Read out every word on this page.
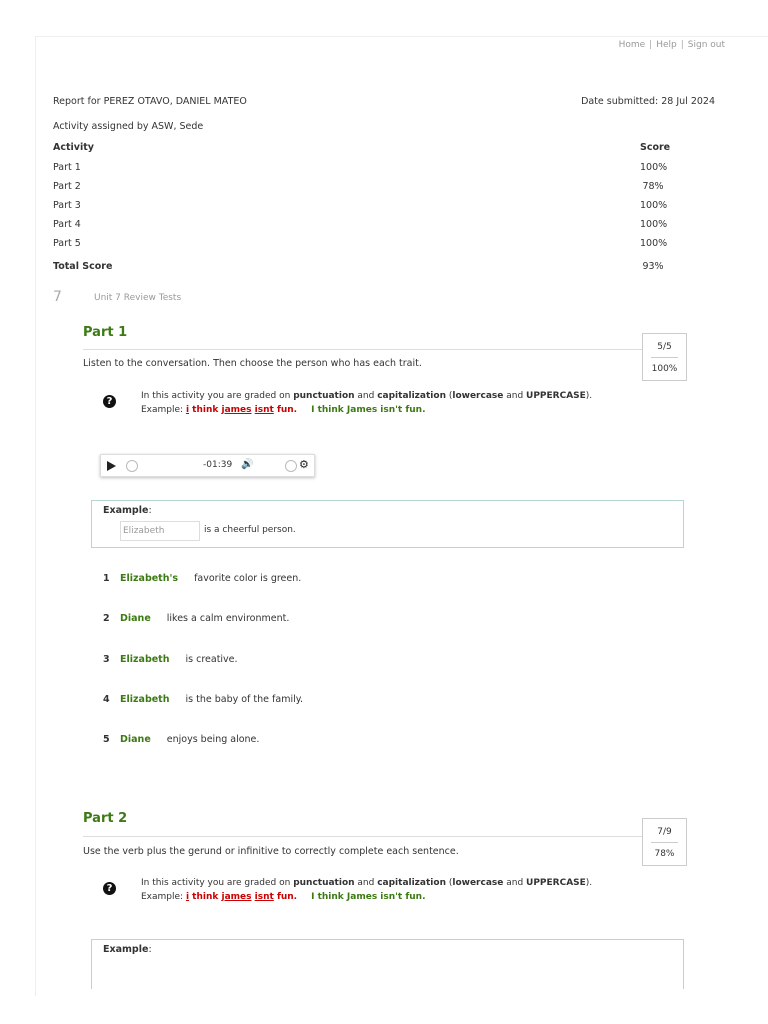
Home | Help | Sign out
Report for PEREZ OTAVO, DANIEL MATEO	Date submitted: 28 Jul 2024
Activity assigned by ASW, Sede
Activity	Score
Part 1	100%
Part 2	78%
Part 3	100%
Part 4	100%
Part 5	100%
Total Score	93%
7	Unit 7 Review Tests
Part 1
5/5
100%
Listen to the conversation. Then choose the person who has each trait.
?	In this activity you are graded on punctuation and capitalization (lowercase and UPPERCASE).
Example: i think james isnt fun. I think James isn't fun.
-01:39 🔊	⚙
Example:
Elizabeth	is a cheerful person.
1 Elizabeth's favorite color is green.
2 Diane likes a calm environment.
3 Elizabeth is creative.
4 Elizabeth is the baby of the family.
5 Diane enjoys being alone.
Part 2
7/9
78%
Use the verb plus the gerund or infinitive to correctly complete each sentence.
?	In this activity you are graded on punctuation and capitalization (lowercase and UPPERCASE).
Example: i think james isnt fun. I think James isn't fun.
Example:
